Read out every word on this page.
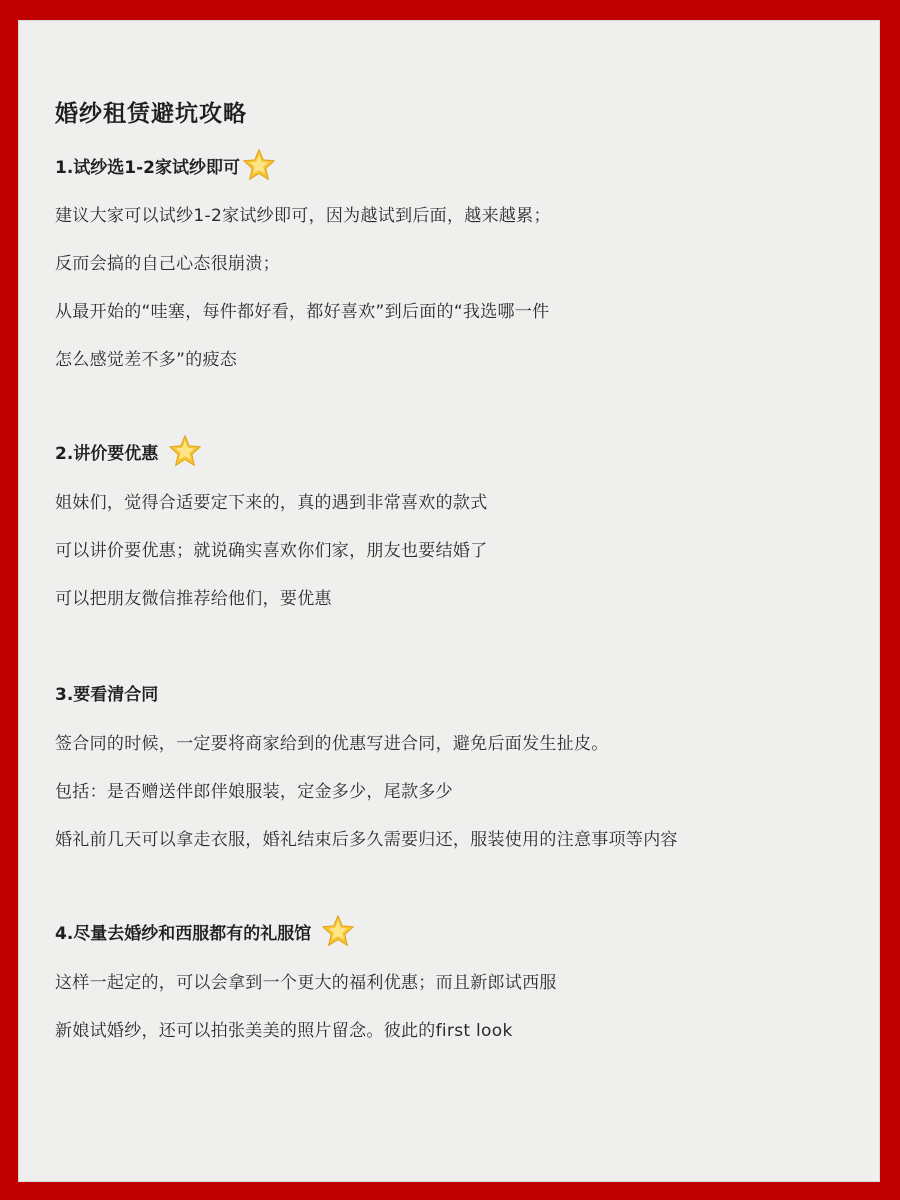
婚纱租赁避坑攻略
1.试纱选1-2家试纱即可
建议大家可以试纱1-2家试纱即可，因为越试到后面，越来越累；
反而会搞的自己心态很崩溃；
从最开始的“哇塞，每件都好看，都好喜欢”到后面的“我选哪一件
怎么感觉差不多”的疲态
2.讲价要优惠
姐妹们，觉得合适要定下来的，真的遇到非常喜欢的款式
可以讲价要优惠；就说确实喜欢你们家，朋友也要结婚了
可以把朋友微信推荐给他们，要优惠
3.要看清合同
签合同的时候，一定要将商家给到的优惠写进合同，避免后面发生扯皮。
包括：是否赠送伴郎伴娘服装，定金多少，尾款多少
婚礼前几天可以拿走衣服，婚礼结束后多久需要归还，服装使用的注意事项等内容
4.尽量去婚纱和西服都有的礼服馆
这样一起定的，可以会拿到一个更大的福利优惠；而且新郎试西服
新娘试婚纱，还可以拍张美美的照片留念。彼此的first look
